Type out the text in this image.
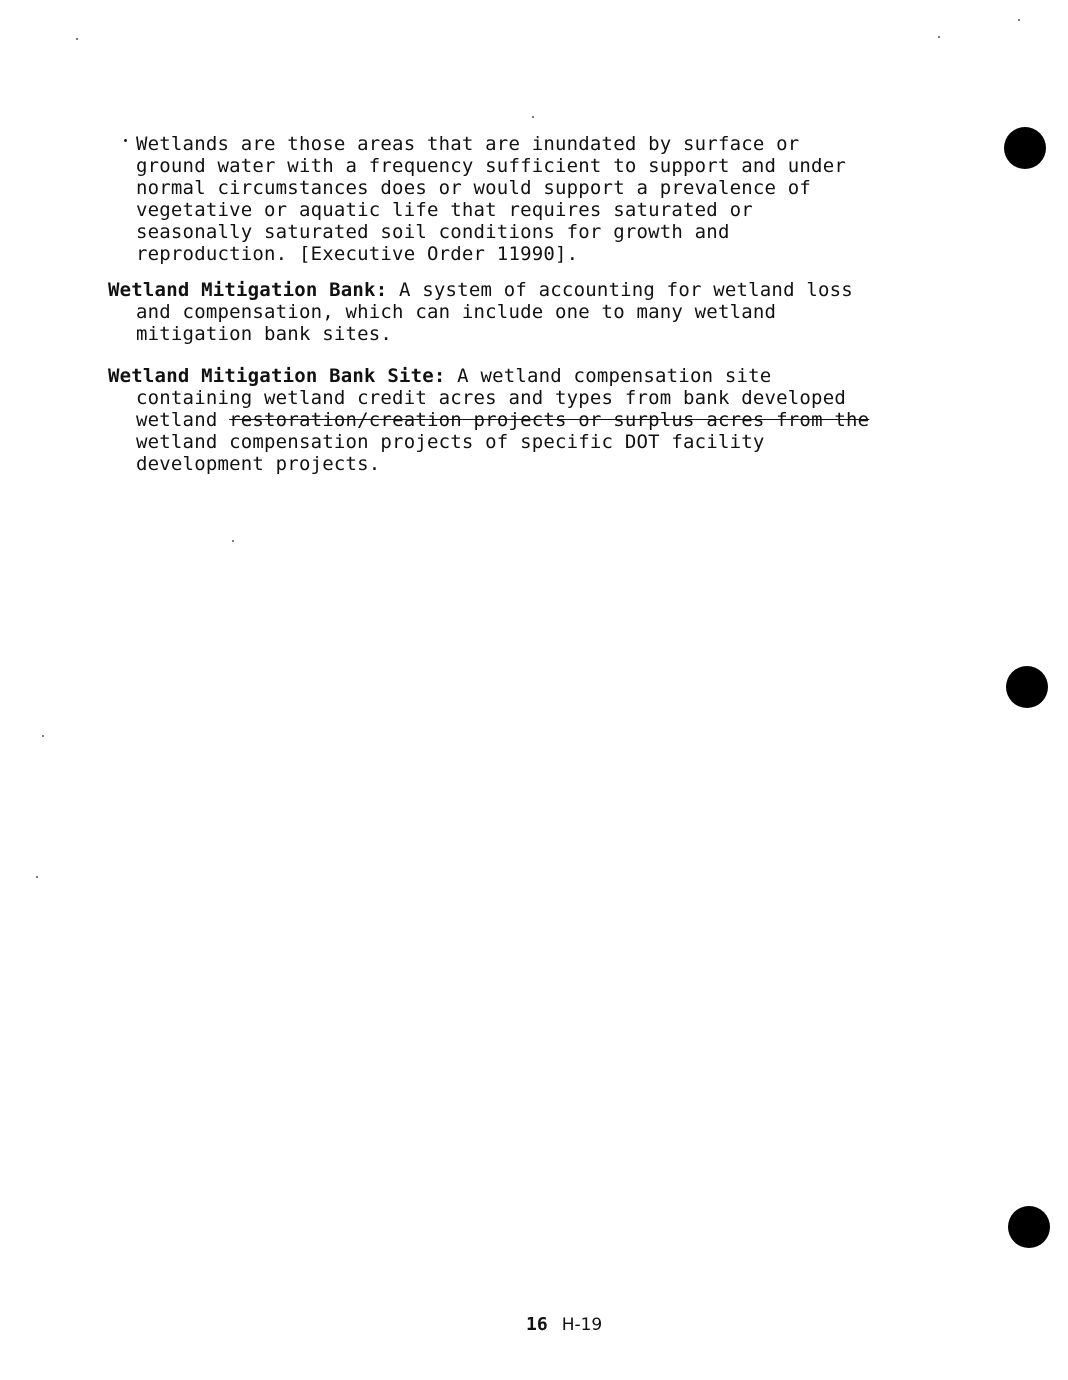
Wetlands are those areas that are inundated by surface or
ground water with a frequency sufficient to support and under
normal circumstances does or would support a prevalence of
vegetative or aquatic life that requires saturated or
seasonally saturated soil conditions for growth and
reproduction. [Executive Order 11990].
Wetland Mitigation Bank: A system of accounting for wetland loss
and compensation, which can include one to many wetland
mitigation bank sites.
Wetland Mitigation Bank Site: A wetland compensation site
containing wetland credit acres and types from bank developed
wetland restoration/creation projects or surplus acres from the
wetland compensation projects of specific DOT facility
development projects.
16 H-19
